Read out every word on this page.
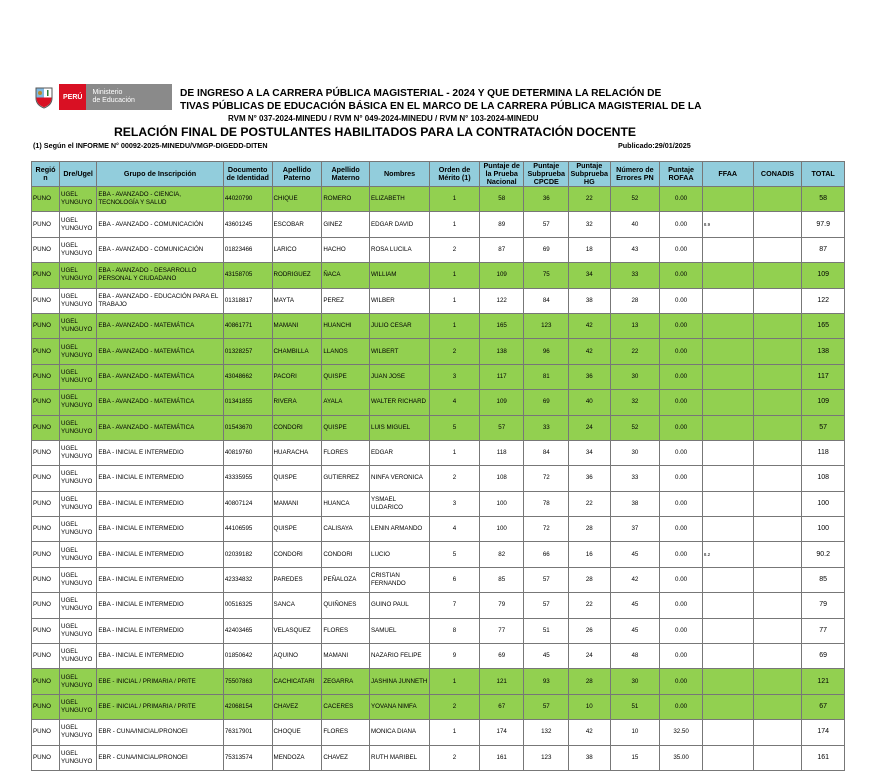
PERÚ
Ministerio
de Educación
DE INGRESO A LA CARRERA PÚBLICA MAGISTERIAL - 2024 Y QUE DETERMINA LA RELACIÓN DE
TIVAS PÚBLICAS DE EDUCACIÓN BÁSICA EN EL MARCO DE LA CARRERA PÚBLICA MAGISTERIAL DE LA
RVM N° 037-2024-MINEDU / RVM N° 049-2024-MINEDU / RVM N° 103-2024-MINEDU
RELACIÓN FINAL DE POSTULANTES HABILITADOS PARA LA CONTRATACIÓN DOCENTE
(1) Según el INFORME N° 00092-2025-MINEDU/VMGP-DIGEDD-DITEN	Publicado:29/01/2025
Regió n	Dre/Ugel	Grupo de Inscripción	Documento de Identidad	Apellido Paterno	Apellido Materno	Nombres	Orden de Mérito (1)	Puntaje de la Prueba Nacional	Puntaje Subprueba CPCDE	Puntaje Subprueba HG	Número de Errores PN	Puntaje ROFAA	FFAA	CONADIS	TOTAL
PUNO	UGEL YUNGUYO	EBA - AVANZADO - CIENCIA, TECNOLOGÍA Y SALUD	44020790	CHIQUE	ROMERO	ELIZABETH	1	58	36	22	52	0.00			58
PUNO	UGEL YUNGUYO	EBA - AVANZADO - COMUNICACIÓN	43601245	ESCOBAR	GINEZ	EDGAR DAVID	1	89	57	32	40	0.00	8.9		97.9
PUNO	UGEL YUNGUYO	EBA - AVANZADO - COMUNICACIÓN	01823466	LARICO	HACHO	ROSA LUCILA	2	87	69	18	43	0.00			87
PUNO	UGEL YUNGUYO	EBA - AVANZADO - DESARROLLO PERSONAL Y CIUDADANO	43158705	RODRIGUEZ	ÑACA	WILLIAM	1	109	75	34	33	0.00			109
PUNO	UGEL YUNGUYO	EBA - AVANZADO - EDUCACIÓN PARA EL TRABAJO	01318817	MAYTA	PEREZ	WILBER	1	122	84	38	28	0.00			122
PUNO	UGEL YUNGUYO	EBA - AVANZADO - MATEMÁTICA	40861771	MAMANI	HUANCHI	JULIO CESAR	1	165	123	42	13	0.00			165
PUNO	UGEL YUNGUYO	EBA - AVANZADO - MATEMÁTICA	01328257	CHAMBILLA	LLANOS	WILBERT	2	138	96	42	22	0.00			138
PUNO	UGEL YUNGUYO	EBA - AVANZADO - MATEMÁTICA	43048662	PACORI	QUISPE	JUAN JOSE	3	117	81	36	30	0.00			117
PUNO	UGEL YUNGUYO	EBA - AVANZADO - MATEMÁTICA	01341855	RIVERA	AYALA	WALTER RICHARD	4	109	69	40	32	0.00			109
PUNO	UGEL YUNGUYO	EBA - AVANZADO - MATEMÁTICA	01543670	CONDORI	QUISPE	LUIS MIGUEL	5	57	33	24	52	0.00			57
PUNO	UGEL YUNGUYO	EBA - INICIAL E INTERMEDIO	40819760	HUARACHA	FLORES	EDGAR	1	118	84	34	30	0.00			118
PUNO	UGEL YUNGUYO	EBA - INICIAL E INTERMEDIO	43335955	QUISPE	GUTIERREZ	NINFA VERONICA	2	108	72	36	33	0.00			108
PUNO	UGEL YUNGUYO	EBA - INICIAL E INTERMEDIO	40807124	MAMANI	HUANCA	YSMAEL ULDARICO	3	100	78	22	38	0.00			100
PUNO	UGEL YUNGUYO	EBA - INICIAL E INTERMEDIO	44106595	QUISPE	CALISAYA	LENIN ARMANDO	4	100	72	28	37	0.00			100
PUNO	UGEL YUNGUYO	EBA - INICIAL E INTERMEDIO	02039182	CONDORI	CONDORI	LUCIO	5	82	66	16	45	0.00	8.2		90.2
PUNO	UGEL YUNGUYO	EBA - INICIAL E INTERMEDIO	42334832	PAREDES	PEÑALOZA	CRISTIAN FERNANDO	6	85	57	28	42	0.00			85
PUNO	UGEL YUNGUYO	EBA - INICIAL E INTERMEDIO	00516325	SANCA	QUIÑONES	GUINO PAUL	7	79	57	22	45	0.00			79
PUNO	UGEL YUNGUYO	EBA - INICIAL E INTERMEDIO	42403465	VELASQUEZ	FLORES	SAMUEL	8	77	51	26	45	0.00			77
PUNO	UGEL YUNGUYO	EBA - INICIAL E INTERMEDIO	01850642	AQUINO	MAMANI	NAZARIO FELIPE	9	69	45	24	48	0.00			69
PUNO	UGEL YUNGUYO	EBE - INICIAL / PRIMARIA / PRITE	75507863	CACHICATARI	ZEGARRA	JASHINA JUNNETH	1	121	93	28	30	0.00			121
PUNO	UGEL YUNGUYO	EBE - INICIAL / PRIMARIA / PRITE	42068154	CHAVEZ	CACERES	YOVANA NIMFA	2	67	57	10	51	0.00			67
PUNO	UGEL YUNGUYO	EBR - CUNA/INICIAL/PRONOEI	76317901	CHOQUE	FLORES	MONICA DIANA	1	174	132	42	10	32.50			174
PUNO	UGEL YUNGUYO	EBR - CUNA/INICIAL/PRONOEI	75313574	MENDOZA	CHAVEZ	RUTH MARIBEL	2	161	123	38	15	35.00			161
